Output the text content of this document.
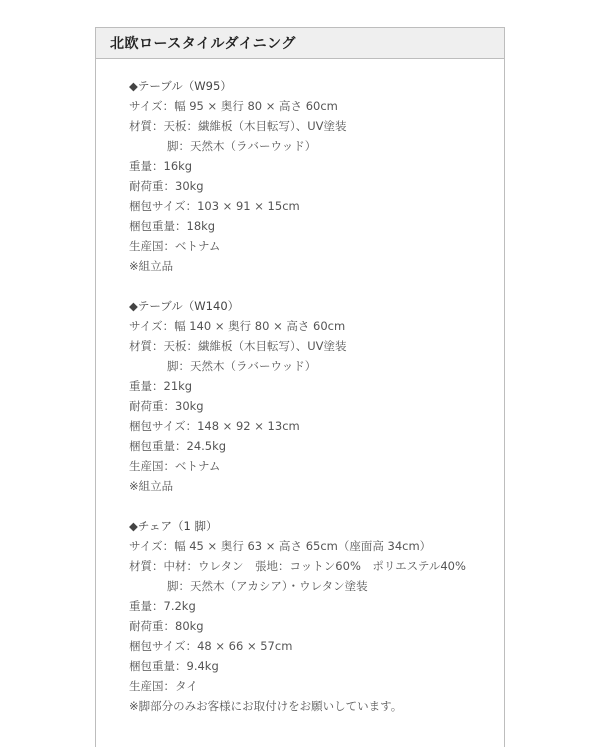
北欧ロースタイルダイニング
◆テーブル（W95）
サイズ：幅 95 × 奥行 80 × 高さ 60cm
材質：天板：繊維板（木目転写）、UV塗装
脚：天然木（ラバーウッド）
重量：16kg
耐荷重：30kg
梱包サイズ：103 × 91 × 15cm
梱包重量：18kg
生産国：ベトナム
※組立品
◆テーブル（W140）
サイズ：幅 140 × 奥行 80 × 高さ 60cm
材質：天板：繊維板（木目転写）、UV塗装
脚：天然木（ラバーウッド）
重量：21kg
耐荷重：30kg
梱包サイズ：148 × 92 × 13cm
梱包重量：24.5kg
生産国：ベトナム
※組立品
◆チェア（1 脚）
サイズ：幅 45 × 奥行 63 × 高さ 65cm（座面高 34cm）
材質：中材：ウレタン　張地：コットン60%　ポリエステル40%
脚：天然木（アカシア）・ウレタン塗装
重量：7.2kg
耐荷重：80kg
梱包サイズ：48 × 66 × 57cm
梱包重量：9.4kg
生産国：タイ
※脚部分のみお客様にお取付けをお願いしています。
